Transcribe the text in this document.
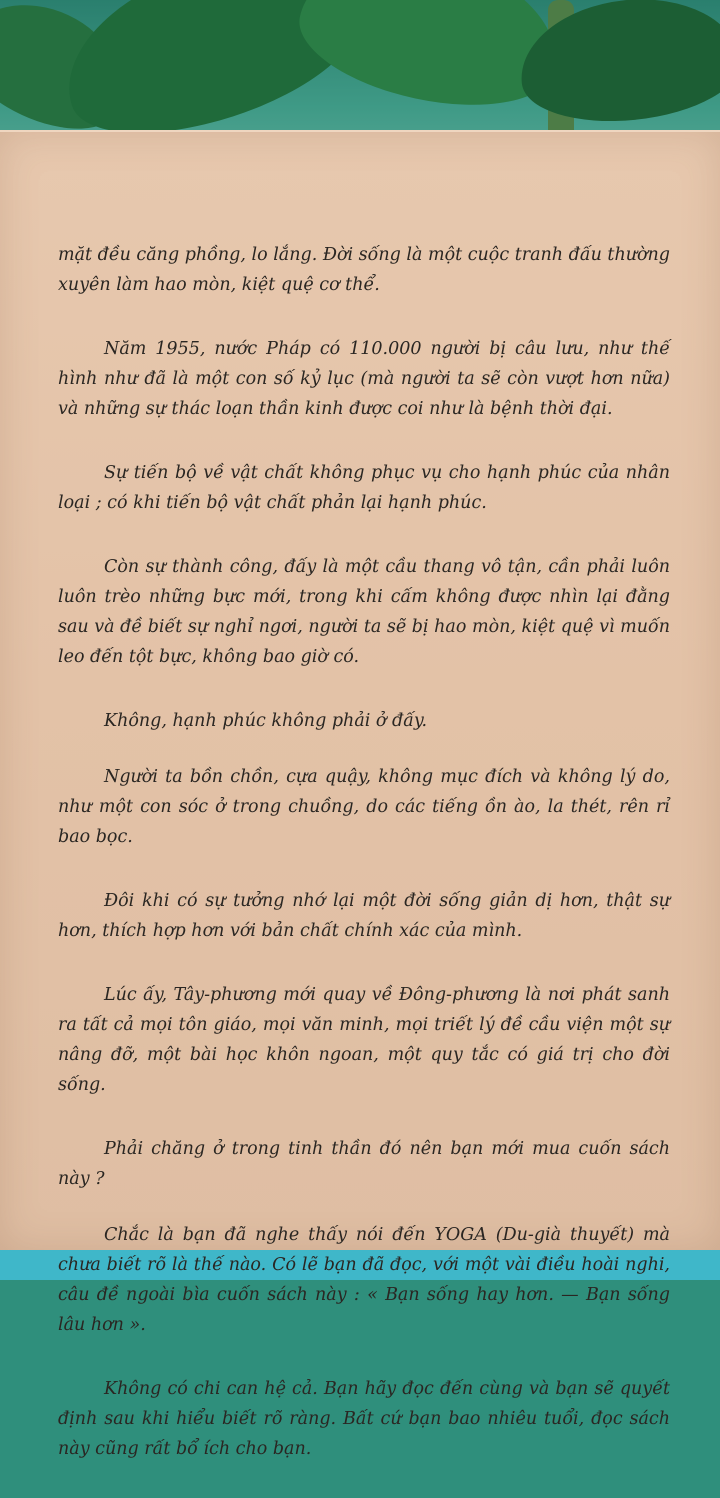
mặt đều căng phồng, lo lắng. Đời sống là một cuộc tranh đấu thường xuyên làm hao mòn, kiệt quệ cơ thể.

Năm 1955, nước Pháp có 110.000 người bị câu lưu, như thế hình như đã là một con số kỷ lục (mà người ta sẽ còn vượt hơn nữa) và những sự thác loạn thần kinh được coi như là bệnh thời đại.

Sự tiến bộ về vật chất không phục vụ cho hạnh phúc của nhân loại ; có khi tiến bộ vật chất phản lại hạnh phúc.

Còn sự thành công, đấy là một cầu thang vô tận, cần phải luôn luôn trèo những bực mới, trong khi cấm không được nhìn lại đằng sau và đề biết sự nghỉ ngơi, người ta sẽ bị hao mòn, kiệt quệ vì muốn leo đến tột bực, không bao giờ có.

Không, hạnh phúc không phải ở đấy.

Người ta bồn chồn, cựa quậy, không mục đích và không lý do, như một con sóc ở trong chuồng, do các tiếng ồn ào, la thét, rên rỉ bao bọc.

Đôi khi có sự tưởng nhớ lại một đời sống giản dị hơn, thật sự hơn, thích hợp hơn với bản chất chính xác của mình.

Lúc ấy, Tây-phương mới quay về Đông-phương là nơi phát sanh ra tất cả mọi tôn giáo, mọi văn minh, mọi triết lý đề cầu viện một sự nâng đỡ, một bài học khôn ngoan, một quy tắc có giá trị cho đời sống.

Phải chăng ở trong tinh thần đó nên bạn mới mua cuốn sách này ?

Chắc là bạn đã nghe thấy nói đến YOGA (Du-già thuyết) mà chưa biết rõ là thế nào. Có lẽ bạn đã đọc, với một vài điều hoài nghi, câu đề ngoài bìa cuốn sách này : « Bạn sống hay hơn. — Bạn sống lâu hơn ».

Không có chi can hệ cả. Bạn hãy đọc đến cùng và bạn sẽ quyết định sau khi hiểu biết rõ ràng. Bất cứ bạn bao nhiêu tuổi, đọc sách này cũng rất bổ ích cho bạn.
